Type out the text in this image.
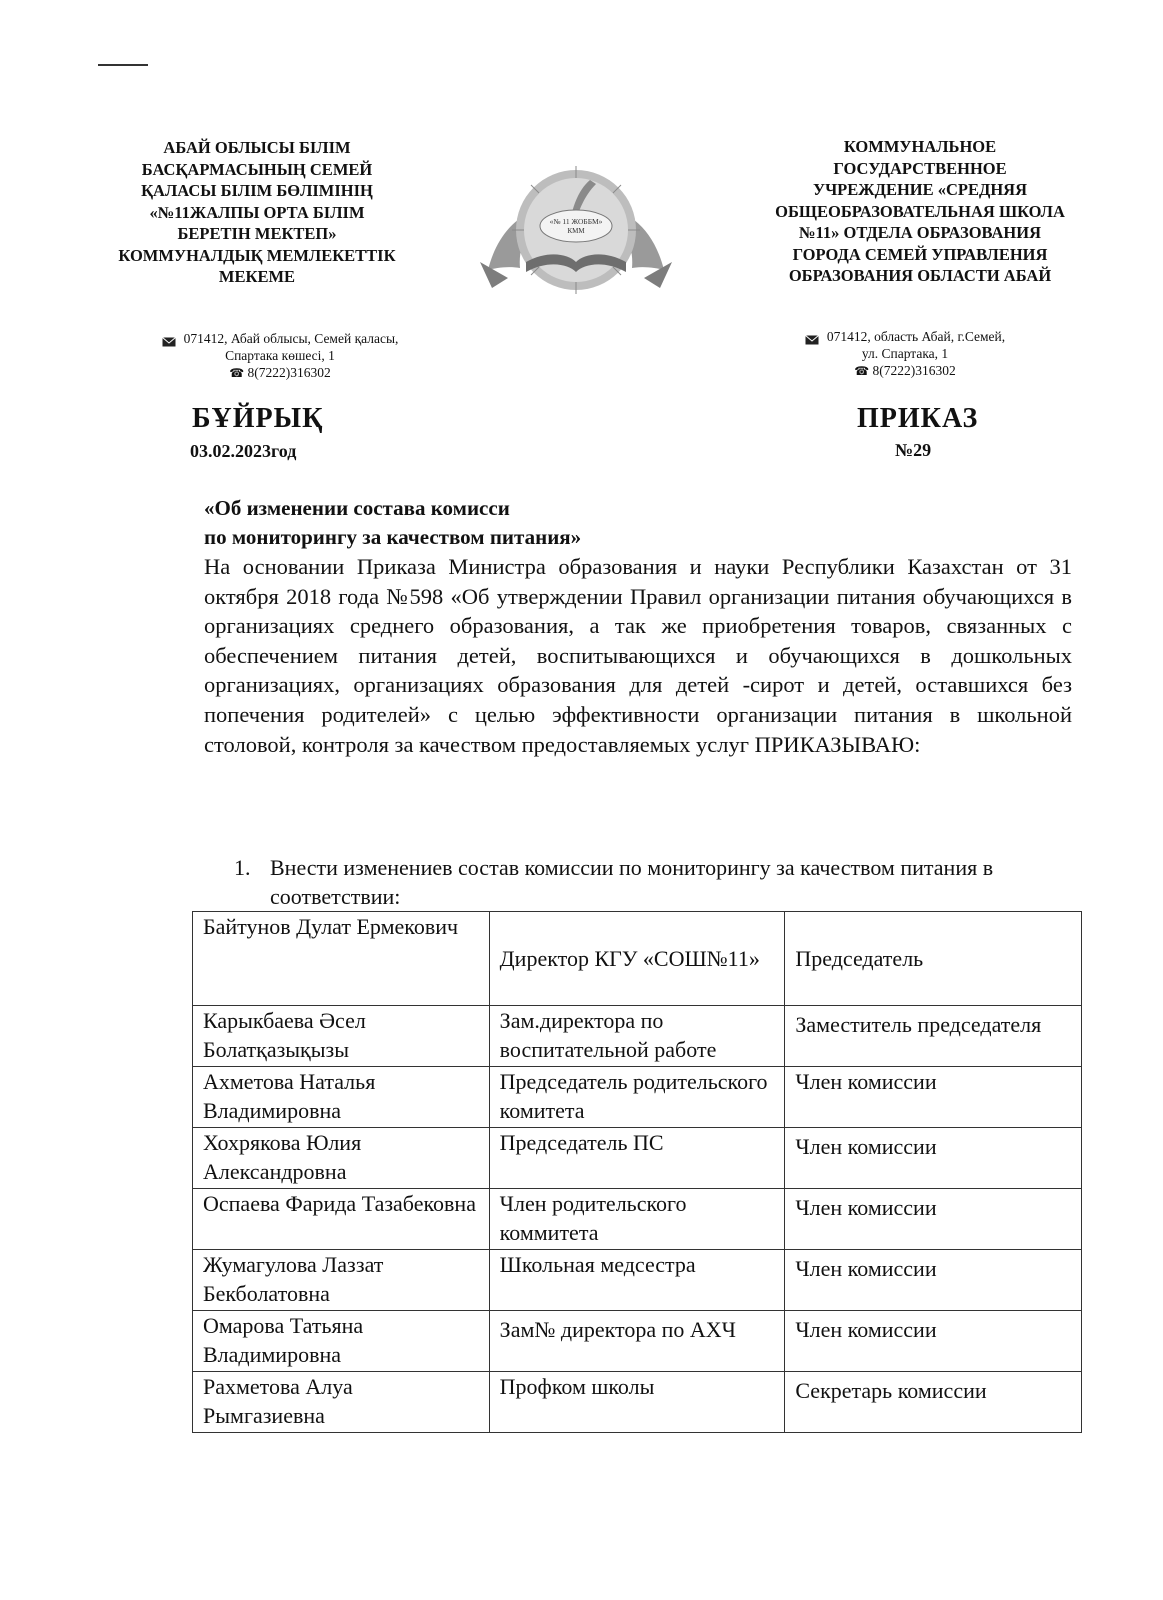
АБАЙ ОБЛЫСЫ БІЛІМ
БАСҚАРМАСЫНЫҢ СЕМЕЙ
ҚАЛАСЫ БІЛІМ БӨЛІМІНІҢ
«№11ЖАЛПЫ ОРТА БІЛІМ
БЕРЕТІН МЕКТЕП»
КОММУНАЛДЫҚ МЕМЛЕКЕТТІК
МЕКЕМЕ
«№ 11 ЖОББМ»
КММ
КОММУНАЛЬНОЕ
ГОСУДАРСТВЕННОЕ
УЧРЕЖДЕНИЕ «СРЕДНЯЯ
ОБЩЕОБРАЗОВАТЕЛЬНАЯ ШКОЛА
№11» ОТДЕЛА ОБРАЗОВАНИЯ
ГОРОДА СЕМЕЙ УПРАВЛЕНИЯ
ОБРАЗОВАНИЯ ОБЛАСТИ АБАЙ
071412, Абай облысы, Семей қаласы,
Спартака көшесі, 1
☎ 8(7222)316302
071412, область Абай, г.Семей,
ул. Спартака, 1
☎ 8(7222)316302
БҰЙРЫҚ
03.02.2023год
ПРИКАЗ
№29
«Об изменении состава комисси
по мониторингу за качеством питания»
На основании Приказа Министра образования и науки Республики Казахстан от 31 октября 2018 года №598 «Об утверждении Правил организации питания обучающихся в организациях среднего образования, а так же приобретения товаров, связанных с обеспечением питания детей, воспитывающихся и обучающихся в дошкольных организациях, организациях образования для детей -сирот и детей, оставшихся без попечения родителей» с целью эффективности организации питания в школьной столовой, контроля за качеством предоставляемых услуг ПРИКАЗЫВАЮ:
1. Внести изменениев состав комиссии по мониторингу за качеством питания в соответствии:
Байтунов Дулат Ермекович	Директор КГУ «СОШ№11»	Председатель
Карыкбаева Әсел Болатқазықызы	Зам.директора по воспитательной работе	Заместитель председателя
Ахметова Наталья Владимировна	Председатель родительского комитета	Член комиссии
Хохрякова Юлия Александровна	Председатель ПС	Член комиссии
Оспаева Фарида Тазабековна	Член родительского коммитета	Член комиссии
Жумагулова Лаззат Бекболатовна	Школьная медсестра	Член комиссии
Омарова Татьяна Владимировна	Зам№ директора по АХЧ	Член комиссии
Рахметова Алуа Рымгазиевна	Профком школы	Секретарь комиссии
